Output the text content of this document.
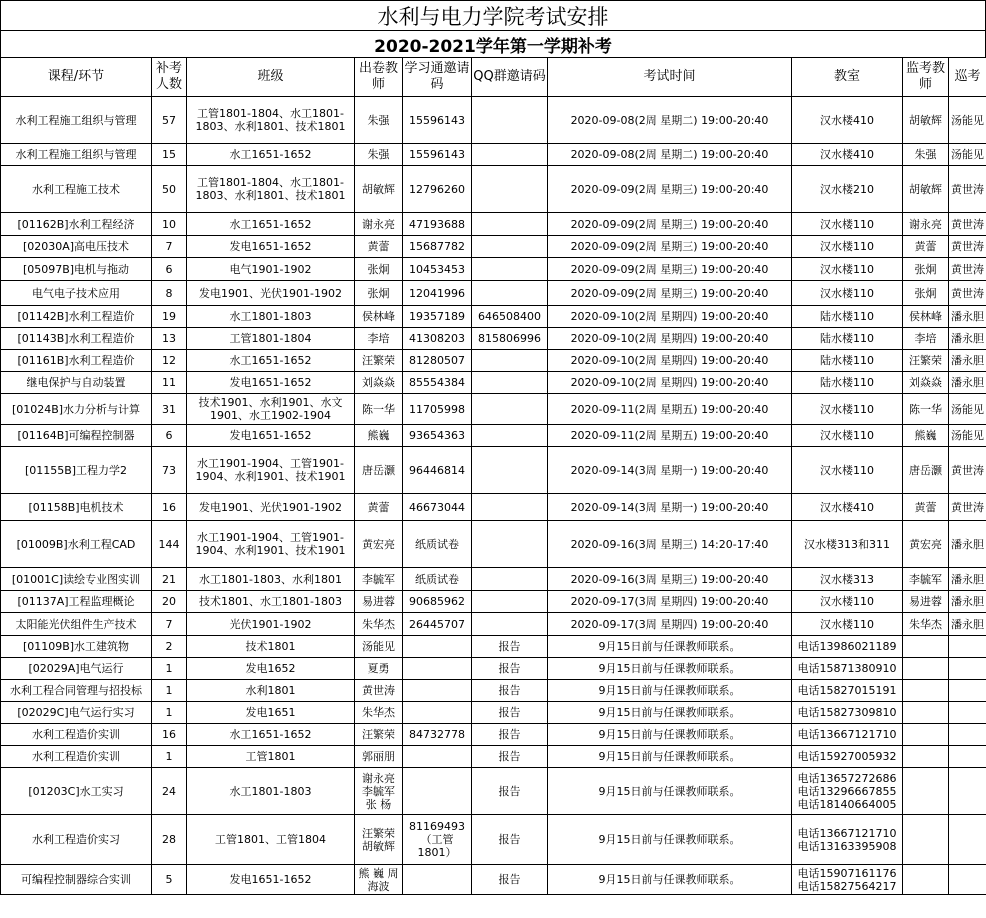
水利与电力学院考试安排
2020-2021学年第一学期补考
课程/环节	补考人数	班级	出卷教师	学习通邀请码	QQ群邀请码	考试时间	教室	监考教师	巡考
水利工程施工组织与管理	57	工管1801-1804、水工1801-1803、水利1801、技术1801	朱强	15596143		2020-09-08(2周 星期二) 19:00-20:40	汉水楼410	胡敏辉	汤能见
水利工程施工组织与管理	15	水工1651-1652	朱强	15596143		2020-09-08(2周 星期二) 19:00-20:40	汉水楼410	朱强	汤能见
水利工程施工技术	50	工管1801-1804、水工1801-1803、水利1801、技术1801	胡敏辉	12796260		2020-09-09(2周 星期三) 19:00-20:40	汉水楼210	胡敏辉	黄世涛
[01162B]水利工程经济	10	水工1651-1652	谢永亮	47193688		2020-09-09(2周 星期三) 19:00-20:40	汉水楼110	谢永亮	黄世涛
[02030A]高电压技术	7	发电1651-1652	黄蕾	15687782		2020-09-09(2周 星期三) 19:00-20:40	汉水楼110	黄蕾	黄世涛
[05097B]电机与拖动	6	电气1901-1902	张炯	10453453		2020-09-09(2周 星期三) 19:00-20:40	汉水楼110	张炯	黄世涛
电气电子技术应用	8	发电1901、光伏1901-1902	张炯	12041996		2020-09-09(2周 星期三) 19:00-20:40	汉水楼110	张炯	黄世涛
[01142B]水利工程造价	19	水工1801-1803	侯林峰	19357189	646508400	2020-09-10(2周 星期四) 19:00-20:40	陆水楼110	侯林峰	潘永胆
[01143B]水利工程造价	13	工管1801-1804	李培	41308203	815806996	2020-09-10(2周 星期四) 19:00-20:40	陆水楼110	李培	潘永胆
[01161B]水利工程造价	12	水工1651-1652	汪繁荣	81280507		2020-09-10(2周 星期四) 19:00-20:40	陆水楼110	汪繁荣	潘永胆
继电保护与自动装置	11	发电1651-1652	刘焱焱	85554384		2020-09-10(2周 星期四) 19:00-20:40	陆水楼110	刘焱焱	潘永胆
[01024B]水力分析与计算	31	技术1901、水利1901、水文1901、水工1902-1904	陈一华	11705998		2020-09-11(2周 星期五) 19:00-20:40	汉水楼110	陈一华	汤能见
[01164B]可编程控制器	6	发电1651-1652	熊巍	93654363		2020-09-11(2周 星期五) 19:00-20:40	汉水楼110	熊巍	汤能见
[01155B]工程力学2	73	水工1901-1904、工管1901-1904、水利1901、技术1901	唐岳灏	96446814		2020-09-14(3周 星期一) 19:00-20:40	汉水楼110	唐岳灏	黄世涛
[01158B]电机技术	16	发电1901、光伏1901-1902	黄蕾	46673044		2020-09-14(3周 星期一) 19:00-20:40	汉水楼410	黄蕾	黄世涛
[01009B]水利工程CAD	144	水工1901-1904、工管1901-1904、水利1901、技术1901	黄宏亮	纸质试卷		2020-09-16(3周 星期三) 14:20-17:40	汉水楼313和311	黄宏亮	潘永胆
[01001C]读绘专业图实训	21	水工1801-1803、水利1801	李毓军	纸质试卷		2020-09-16(3周 星期三) 19:00-20:40	汉水楼313	李毓军	潘永胆
[01137A]工程监理概论	20	技术1801、水工1801-1803	易进蓉	90685962		2020-09-17(3周 星期四) 19:00-20:40	汉水楼110	易进蓉	潘永胆
太阳能光伏组件生产技术	7	光伏1901-1902	朱华杰	26445707		2020-09-17(3周 星期四) 19:00-20:40	汉水楼110	朱华杰	潘永胆
[01109B]水工建筑物	2	技术1801	汤能见		报告	9月15日前与任课教师联系。	电话13986021189		
[02029A]电气运行	1	发电1652	夏勇		报告	9月15日前与任课教师联系。	电话15871380910		
水利工程合同管理与招投标	1	水利1801	黄世涛		报告	9月15日前与任课教师联系。	电话15827015191		
[02029C]电气运行实习	1	发电1651	朱华杰		报告	9月15日前与任课教师联系。	电话15827309810		
水利工程造价实训	16	水工1651-1652	汪繁荣	84732778	报告	9月15日前与任课教师联系。	电话13667121710		
水利工程造价实训	1	工管1801	郭丽朋		报告	9月15日前与任课教师联系。	电话15927005932		
[01203C]水工实习	24	水工1801-1803	谢永亮 李毓军 张 杨		报告	9月15日前与任课教师联系。	电话13657272686 电话13296667855 电话18140664005		
水利工程造价实习	28	工管1801、工管1804	汪繁荣 胡敏辉	81169493（工管1801）	报告	9月15日前与任课教师联系。	电话13667121710 电话13163395908		
可编程控制器综合实训	5	发电1651-1652	熊 巍 周海波		报告	9月15日前与任课教师联系。	电话15907161176 电话15827564217		
